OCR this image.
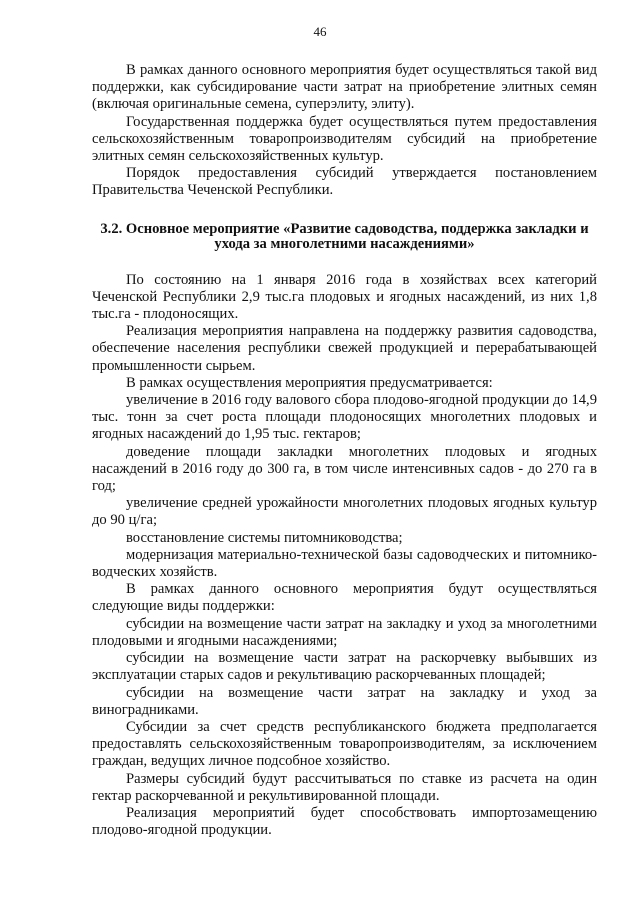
46

В рамках данного основного мероприятия будет осуществляться такой вид поддержки, как субсидирование части затрат на приобретение элитных семян (включая оригинальные семена, суперэлиту, элиту).

Государственная поддержка будет осуществляться путем предоставления сельскохозяйственным товаропроизводителям субсидий на приобретение элитных семян сельскохозяйственных культур.

Порядок предоставления субсидий утверждается постановлением Правительства Чеченской Республики.

3.2. Основное мероприятие «Развитие садоводства, поддержка закладки и ухода за многолетними насаждениями»

По состоянию на 1 января 2016 года в хозяйствах всех категорий Чеченской Республики 2,9 тыс.га плодовых и ягодных насаждений, из них 1,8 тыс.га - плодоносящих.

Реализация мероприятия направлена на поддержку развития садоводства, обеспечение населения республики свежей продукцией и перерабатывающей промышленности сырьем.

В рамках осуществления мероприятия предусматривается:

увеличение в 2016 году валового сбора плодово-ягодной продукции до 14,9 тыс. тонн за счет роста площади плодоносящих многолетних плодовых и ягодных насаждений до 1,95 тыс. гектаров;

доведение площади закладки многолетних плодовых и ягодных насаждений в 2016 году до 300 га, в том числе интенсивных садов - до 270 га в год;

увеличение средней урожайности многолетних плодовых ягодных культур до 90 ц/га;

восстановление системы питомниководства;

модернизация материально-технической базы садоводческих и питомнико-водческих хозяйств.

В рамках данного основного мероприятия будут осуществляться следующие виды поддержки:

субсидии на возмещение части затрат на закладку и уход за многолетними плодовыми и ягодными насаждениями;

субсидии на возмещение части затрат на раскорчевку выбывших из эксплуатации старых садов и рекультивацию раскорчеванных площадей;

субсидии на возмещение части затрат на закладку и уход за виноградниками.

Субсидии за счет средств республиканского бюджета предполагается предоставлять сельскохозяйственным товаропроизводителям, за исключением граждан, ведущих личное подсобное хозяйство.

Размеры субсидий будут рассчитываться по ставке из расчета на один гектар раскорчеванной и рекультивированной площади.

Реализация мероприятий будет способствовать импортозамещению плодово-ягодной продукции.
